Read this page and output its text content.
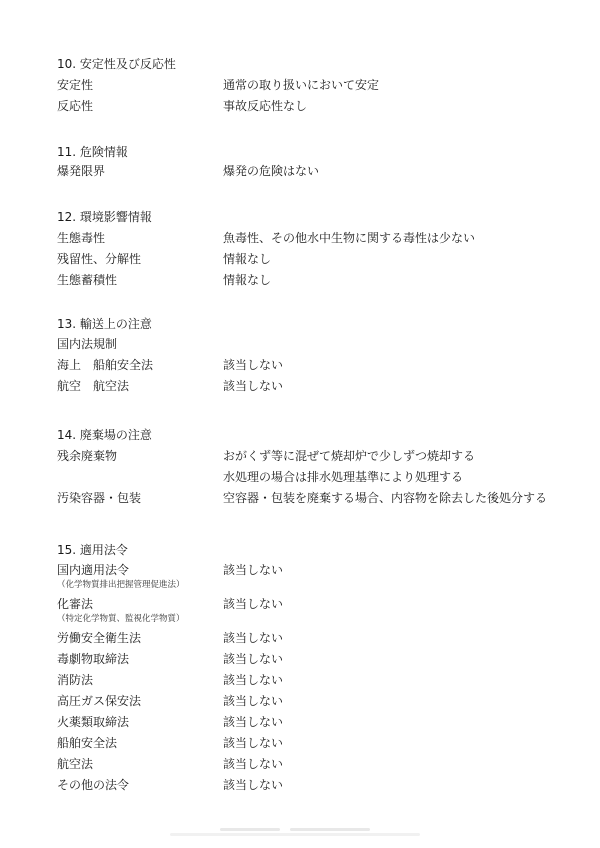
10. 安定性及び反応性
安定性	通常の取り扱いにおいて安定
反応性	事故反応性なし
11. 危険情報
爆発限界	爆発の危険はない
12. 環境影響情報
生態毒性	魚毒性、その他水中生物に関する毒性は少ない
残留性、分解性	情報なし
生態蓄積性	情報なし
13. 輸送上の注意
国内法規制
海上　船舶安全法	該当しない
航空　航空法	該当しない
14. 廃棄場の注意
残余廃棄物	おがくず等に混ぜて焼却炉で少しずつ焼却する
水処理の場合は排水処理基準により処理する
汚染容器・包装	空容器・包装を廃棄する場合、内容物を除去した後処分する
15. 適用法令
国内適用法令	該当しない
（化学物質排出把握管理促進法）
化審法	該当しない
（特定化学物質、監視化学物質）
労働安全衛生法	該当しない
毒劇物取締法	該当しない
消防法	該当しない
高圧ガス保安法	該当しない
火薬類取締法	該当しない
船舶安全法	該当しない
航空法	該当しない
その他の法令	該当しない
